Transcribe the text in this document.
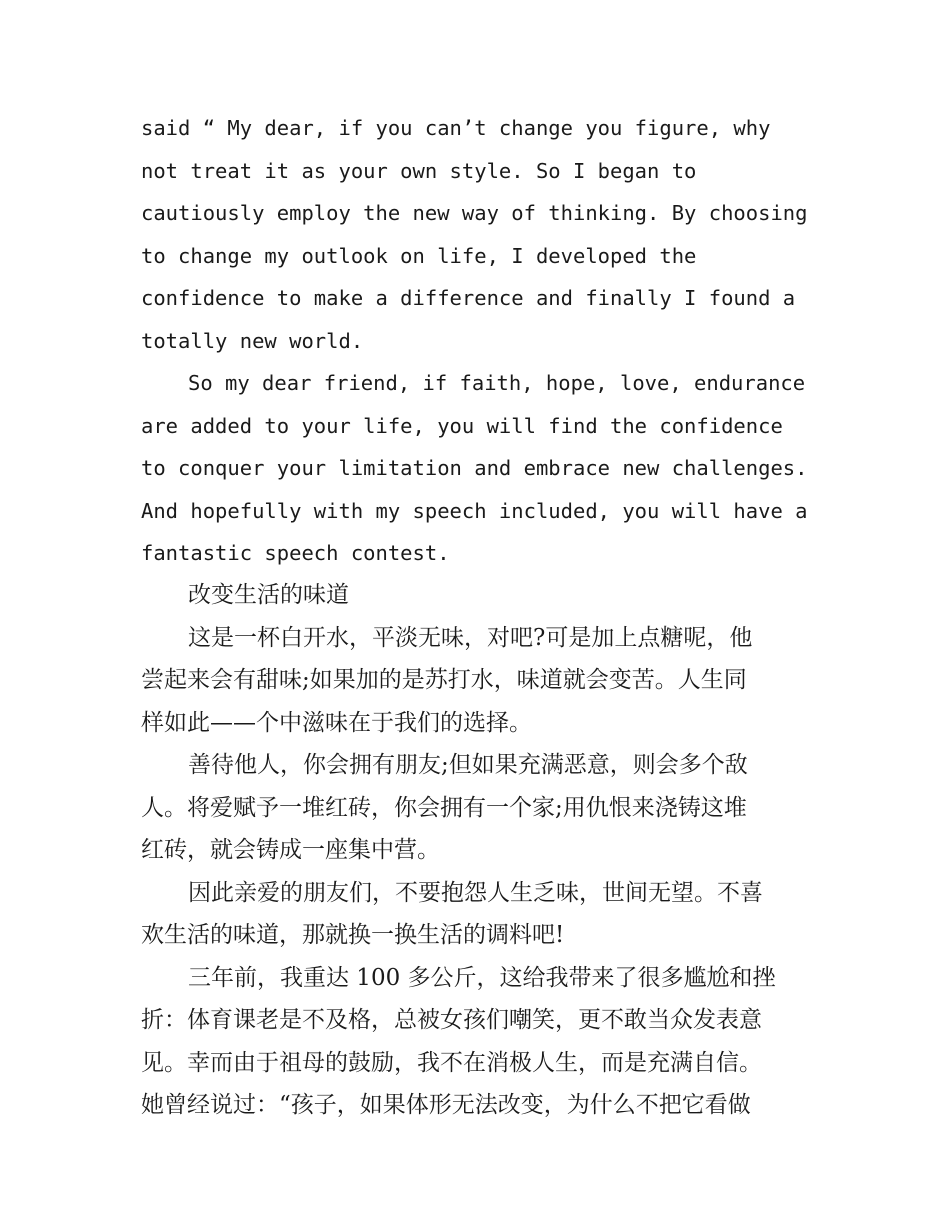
said “ My dear, if you can’t change you figure, why
not treat it as your own style. So I began to
cautiously employ the new way of thinking. By choosing
to change my outlook on life, I developed the
confidence to make a difference and finally I found a
totally new world.
So my dear friend, if faith, hope, love, endurance
are added to your life, you will find the confidence
to conquer your limitation and embrace new challenges.
And hopefully with my speech included, you will have a
fantastic speech contest.
改变生活的味道
这是一杯白开水，平淡无味，对吧?可是加上点糖呢，他
尝起来会有甜味;如果加的是苏打水，味道就会变苦。人生同
样如此——个中滋味在于我们的选择。
善待他人，你会拥有朋友;但如果充满恶意，则会多个敌
人。将爱赋予一堆红砖，你会拥有一个家;用仇恨来浇铸这堆
红砖，就会铸成一座集中营。
因此亲爱的朋友们，不要抱怨人生乏味，世间无望。不喜
欢生活的味道，那就换一换生活的调料吧!
三年前，我重达 100 多公斤，这给我带来了很多尴尬和挫
折：体育课老是不及格，总被女孩们嘲笑，更不敢当众发表意
见。幸而由于祖母的鼓励，我不在消极人生，而是充满自信。
她曾经说过：“孩子，如果体形无法改变，为什么不把它看做
